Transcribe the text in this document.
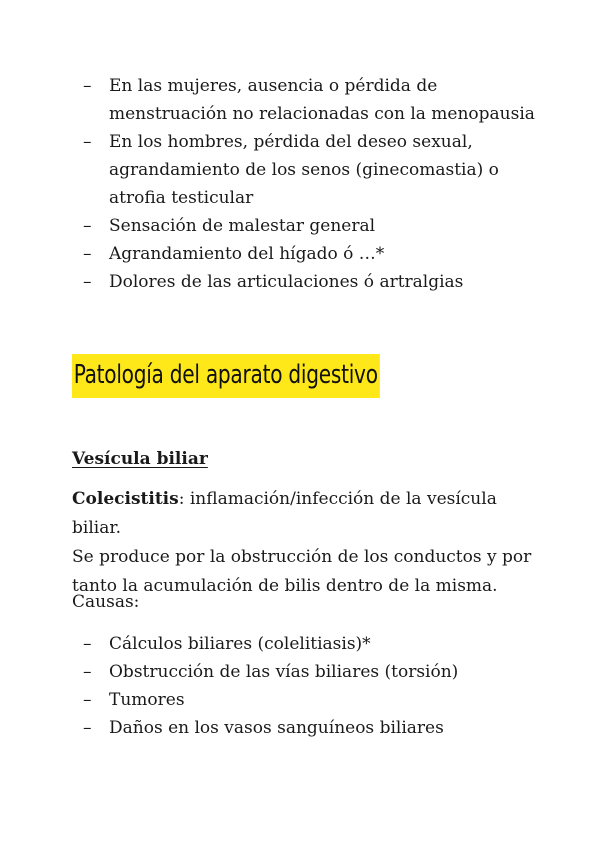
– En las mujeres, ausencia o pérdida de
menstruación no relacionadas con la menopausia
– En los hombres, pérdida del deseo sexual,
agrandamiento de los senos (ginecomastia) o
atrofia testicular
– Sensación de malestar general
– Agrandamiento del hígado ó …*
– Dolores de las articulaciones ó artralgias
Patología del aparato digestivo
Vesícula biliar

Colecistitis: inflamación/infección de la vesícula biliar.
Se produce por la obstrucción de los conductos y por
tanto la acumulación de bilis dentro de la misma.

Causas:

– Cálculos biliares (colelitiasis)*
– Obstrucción de las vías biliares (torsión)
– Tumores
– Daños en los vasos sanguíneos biliares
